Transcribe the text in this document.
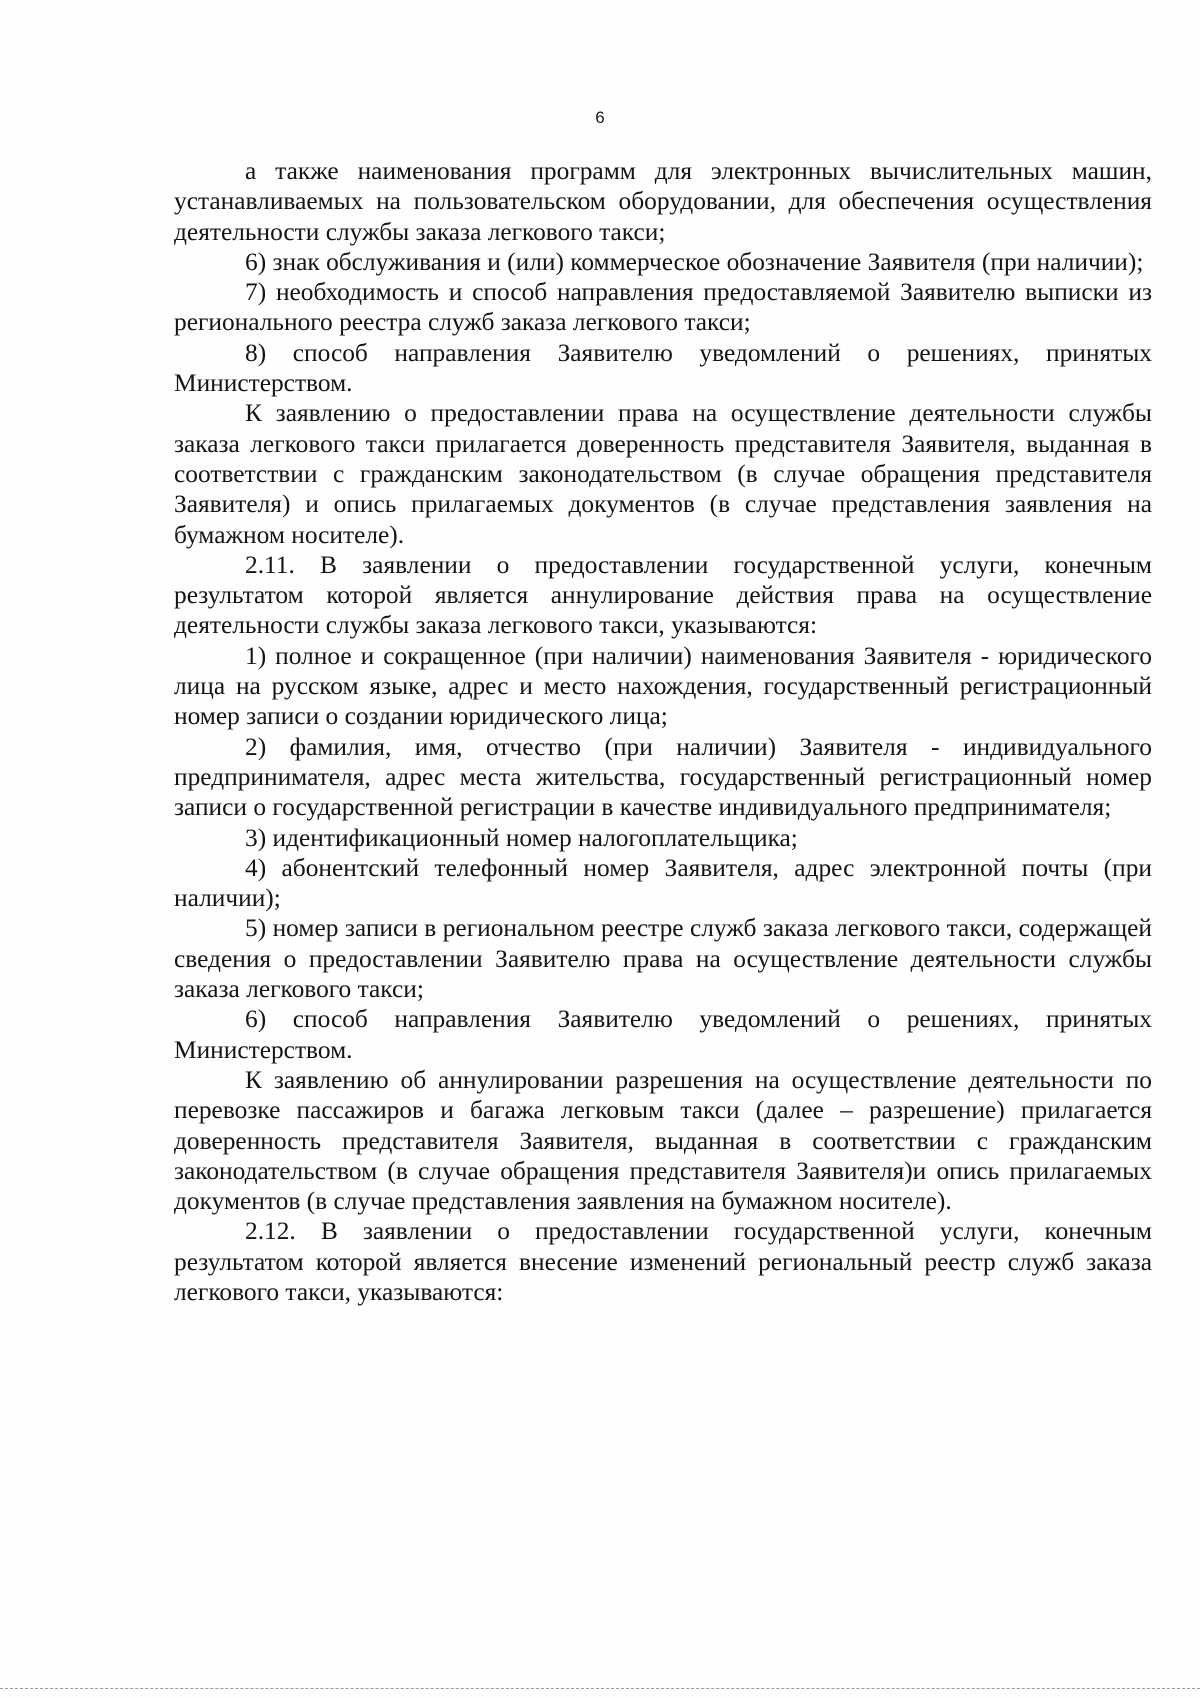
6

а также наименования программ для электронных вычислительных машин, устанавливаемых на пользовательском оборудовании, для обеспечения осуществления деятельности службы заказа легкового такси;

6) знак обслуживания и (или) коммерческое обозначение Заявителя (при наличии);

7) необходимость и способ направления предоставляемой Заявителю выписки из регионального реестра служб заказа легкового такси;

8) способ направления Заявителю уведомлений о решениях, принятых Министерством.

К заявлению о предоставлении права на осуществление деятельности службы заказа легкового такси прилагается доверенность представителя Заявителя, выданная в соответствии с гражданским законодательством (в случае обращения представителя Заявителя) и опись прилагаемых документов (в случае представления заявления на бумажном носителе).

2.11. В заявлении о предоставлении государственной услуги, конечным результатом которой является аннулирование действия права на осуществление деятельности службы заказа легкового такси, указываются:

1) полное и сокращенное (при наличии) наименования Заявителя - юридического лица на русском языке, адрес и место нахождения, государственный регистрационный номер записи о создании юридического лица;

2) фамилия, имя, отчество (при наличии) Заявителя - индивидуального предпринимателя, адрес места жительства, государственный регистрационный номер записи о государственной регистрации в качестве индивидуального предпринимателя;

3) идентификационный номер налогоплательщика;

4) абонентский телефонный номер Заявителя, адрес электронной почты (при наличии);

5) номер записи в региональном реестре служб заказа легкового такси, содержащей сведения о предоставлении Заявителю права на осуществление деятельности службы заказа легкового такси;

6) способ направления Заявителю уведомлений о решениях, принятых Министерством.

К заявлению об аннулировании разрешения на осуществление деятельности по перевозке пассажиров и багажа легковым такси (далее – разрешение) прилагается доверенность представителя Заявителя, выданная в соответствии с гражданским законодательством (в случае обращения представителя Заявителя)и опись прилагаемых документов (в случае представления заявления на бумажном носителе).

2.12. В заявлении о предоставлении государственной услуги, конечным результатом которой является внесение изменений региональный реестр служб заказа легкового такси, указываются:
